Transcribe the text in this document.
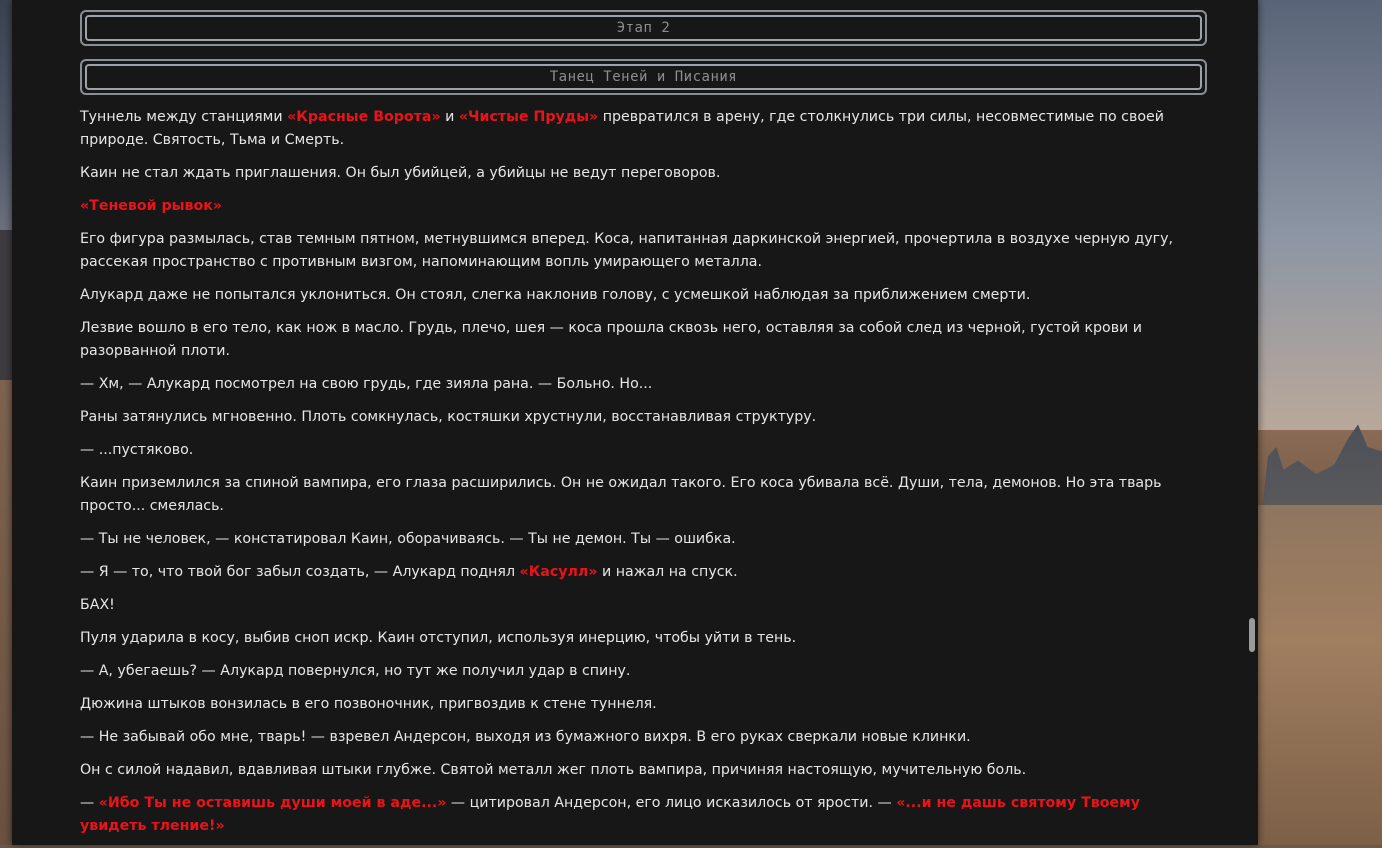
Этап 2
Танец Теней и Писания

Туннель между станциями «Красные Ворота» и «Чистые Пруды» превратился в арену, где столкнулись три силы, несовместимые по своей природе. Святость, Тьма и Смерть.

Каин не стал ждать приглашения. Он был убийцей, а убийцы не ведут переговоров.

«Теневой рывок»

Его фигура размылась, став темным пятном, метнувшимся вперед. Коса, напитанная даркинской энергией, прочертила в воздухе черную дугу, рассекая пространство с противным визгом, напоминающим вопль умирающего металла.

Алукард даже не попытался уклониться. Он стоял, слегка наклонив голову, с усмешкой наблюдая за приближением смерти.

Лезвие вошло в его тело, как нож в масло. Грудь, плечо, шея — коса прошла сквозь него, оставляя за собой след из черной, густой крови и разорванной плоти.

— Хм, — Алукард посмотрел на свою грудь, где зияла рана. — Больно. Но...

Раны затянулись мгновенно. Плоть сомкнулась, костяшки хрустнули, восстанавливая структуру.

— ...пустяково.

Каин приземлился за спиной вампира, его глаза расширились. Он не ожидал такого. Его коса убивала всё. Души, тела, демонов. Но эта тварь просто... смеялась.

— Ты не человек, — констатировал Каин, оборачиваясь. — Ты не демон. Ты — ошибка.

— Я — то, что твой бог забыл создать, — Алукард поднял «Касулл» и нажал на спуск.

БАХ!

Пуля ударила в косу, выбив сноп искр. Каин отступил, используя инерцию, чтобы уйти в тень.

— А, убегаешь? — Алукард повернулся, но тут же получил удар в спину.

Дюжина штыков вонзилась в его позвоночник, пригвоздив к стене туннеля.

— Не забывай обо мне, тварь! — взревел Андерсон, выходя из бумажного вихря. В его руках сверкали новые клинки.

Он с силой надавил, вдавливая штыки глубже. Святой металл жег плоть вампира, причиняя настоящую, мучительную боль.

— «Ибо Ты не оставишь души моей в аде...» — цитировал Андерсон, его лицо исказилось от ярости. — «...и не дашь святому Твоему увидеть тление!»
